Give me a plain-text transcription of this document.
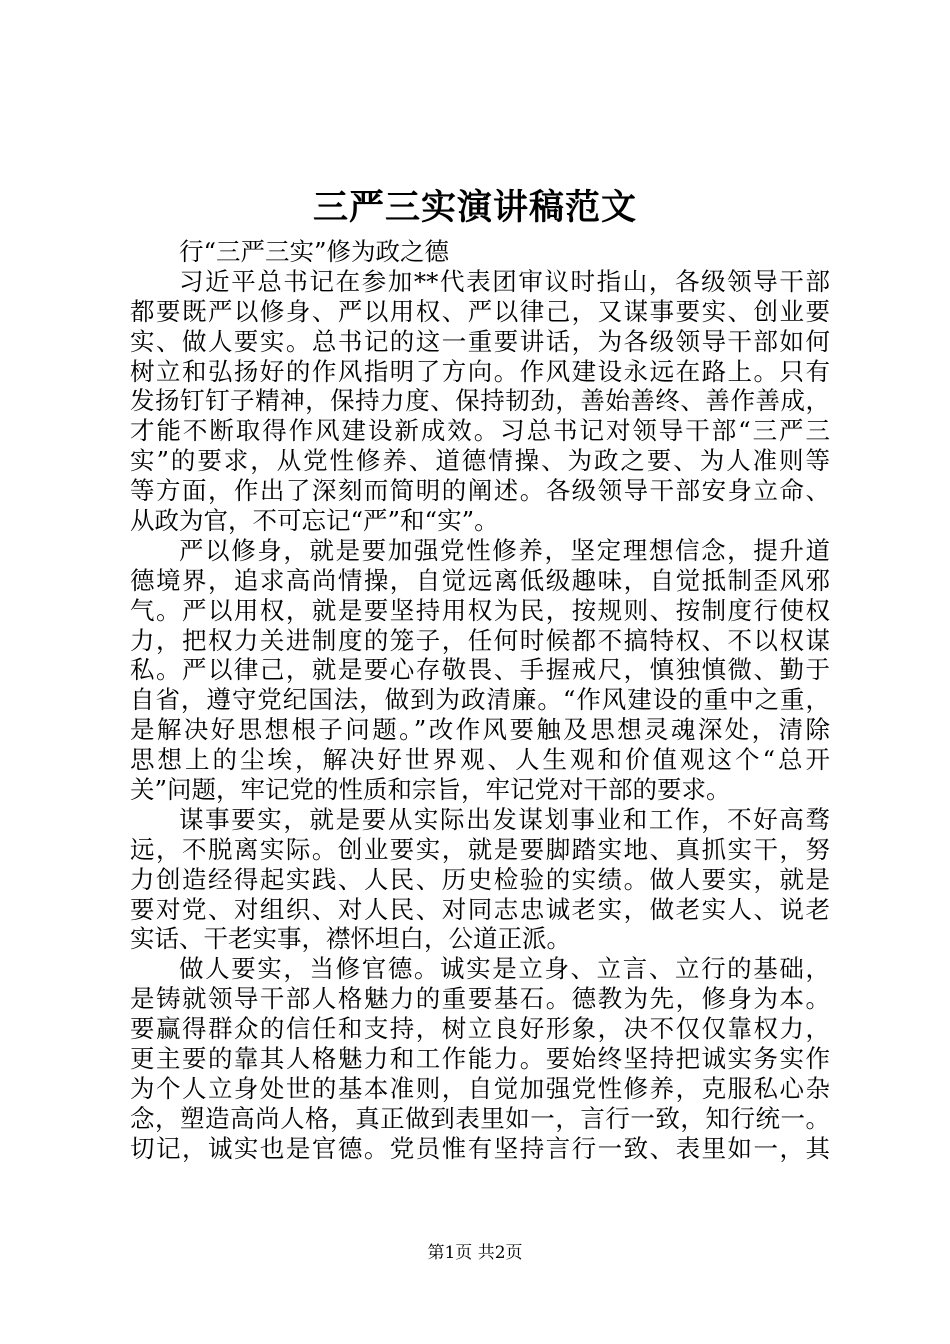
三严三实演讲稿范文
行“三严三实”修为政之德
习近平总书记在参加**代表团审议时指山，各级领导干部
都要既严以修身、严以用权、严以律己，又谋事要实、创业要
实、做人要实。总书记的这一重要讲话，为各级领导干部如何
树立和弘扬好的作风指明了方向。作风建设永远在路上。只有
发扬钉钉子精神，保持力度、保持韧劲，善始善终、善作善成，
才能不断取得作风建设新成效。习总书记对领导干部“三严三
实”的要求，从党性修养、道德情操、为政之要、为人准则等
等方面，作出了深刻而简明的阐述。各级领导干部安身立命、
从政为官，不可忘记“严”和“实”。
严以修身，就是要加强党性修养，坚定理想信念，提升道
德境界，追求高尚情操，自觉远离低级趣味，自觉抵制歪风邪
气。严以用权，就是要坚持用权为民，按规则、按制度行使权
力，把权力关进制度的笼子，任何时候都不搞特权、不以权谋
私。严以律己，就是要心存敬畏、手握戒尺，慎独慎微、勤于
自省，遵守党纪国法，做到为政清廉。“作风建设的重中之重，
是解决好思想根子问题。”改作风要触及思想灵魂深处，清除
思想上的尘埃，解决好世界观、人生观和价值观这个“总开
关”问题，牢记党的性质和宗旨，牢记党对干部的要求。
谋事要实，就是要从实际出发谋划事业和工作，不好高骛
远，不脱离实际。创业要实，就是要脚踏实地、真抓实干，努
力创造经得起实践、人民、历史检验的实绩。做人要实，就是
要对党、对组织、对人民、对同志忠诚老实，做老实人、说老
实话、干老实事，襟怀坦白，公道正派。
做人要实，当修官德。诚实是立身、立言、立行的基础，
是铸就领导干部人格魅力的重要基石。德教为先，修身为本。
要赢得群众的信任和支持，树立良好形象，决不仅仅靠权力，
更主要的靠其人格魅力和工作能力。要始终坚持把诚实务实作
为个人立身处世的基本准则，自觉加强党性修养，克服私心杂
念，塑造高尚人格，真正做到表里如一，言行一致，知行统一。
切记，诚实也是官德。党员惟有坚持言行一致、表里如一，其
第1页 共2页
